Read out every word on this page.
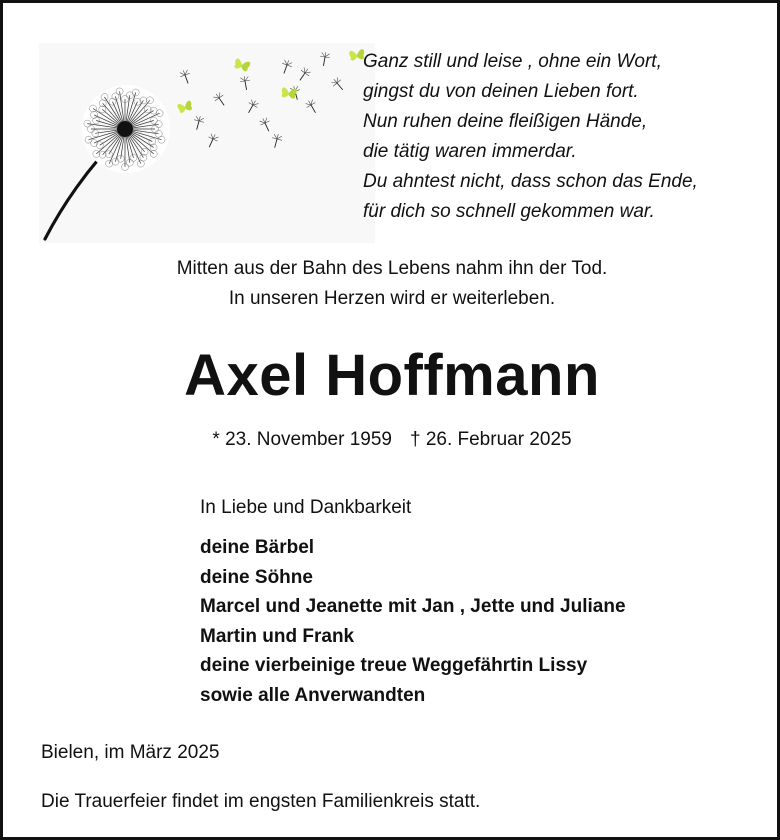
Ganz still und leise , ohne ein Wort,
gingst du von deinen Lieben fort.
Nun ruhen deine fleißigen Hände,
die tätig waren immerdar.
Du ahntest nicht, dass schon das Ende,
für dich so schnell gekommen war.
Mitten aus der Bahn des Lebens nahm ihn der Tod.
In unseren Herzen wird er weiterleben.
Axel Hoffmann
* 23. November 1959 † 26. Februar 2025
In Liebe und Dankbarkeit
deine Bärbel
deine Söhne
Marcel und Jeanette mit Jan , Jette und Juliane
Martin und Frank
deine vierbeinige treue Weggefährtin Lissy
sowie alle Anverwandten
Bielen, im März 2025
Die Trauerfeier findet im engsten Familienkreis statt.
